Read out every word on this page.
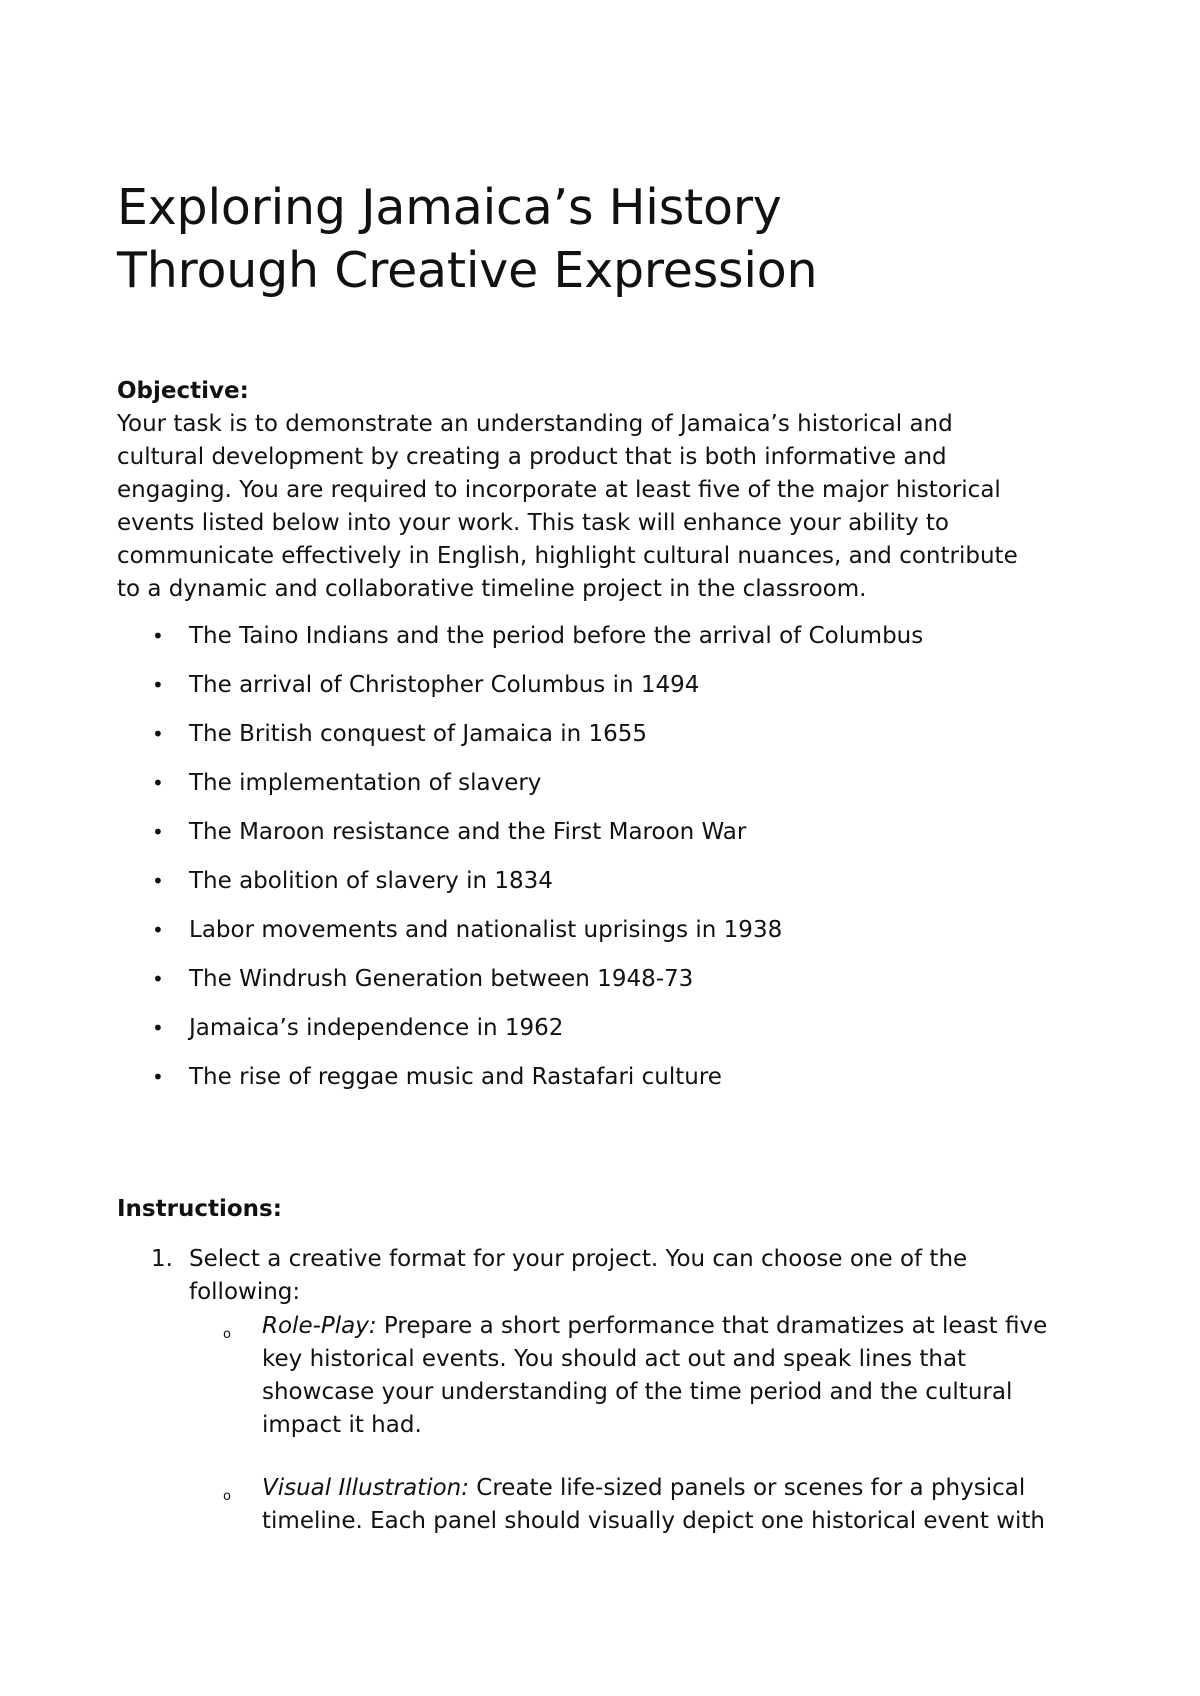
Exploring Jamaica’s History
Through Creative Expression
Objective:

Your task is to demonstrate an understanding of Jamaica’s historical and
cultural development by creating a product that is both informative and
engaging. You are required to incorporate at least five of the major historical
events listed below into your work. This task will enhance your ability to
communicate effectively in English, highlight cultural nuances, and contribute
to a dynamic and collaborative timeline project in the classroom.

• The Taino Indians and the period before the arrival of Columbus
• The arrival of Christopher Columbus in 1494
• The British conquest of Jamaica in 1655
• The implementation of slavery
• The Maroon resistance and the First Maroon War
• The abolition of slavery in 1834
• Labor movements and nationalist uprisings in 1938
• The Windrush Generation between 1948-73
• Jamaica’s independence in 1962
• The rise of reggae music and Rastafari culture
Instructions:
1. Select a creative format for your project. You can choose one of the
following:
o Role-Play: Prepare a short performance that dramatizes at least five
key historical events. You should act out and speak lines that
showcase your understanding of the time period and the cultural
impact it had.
o Visual Illustration: Create life-sized panels or scenes for a physical
timeline. Each panel should visually depict one historical event with
